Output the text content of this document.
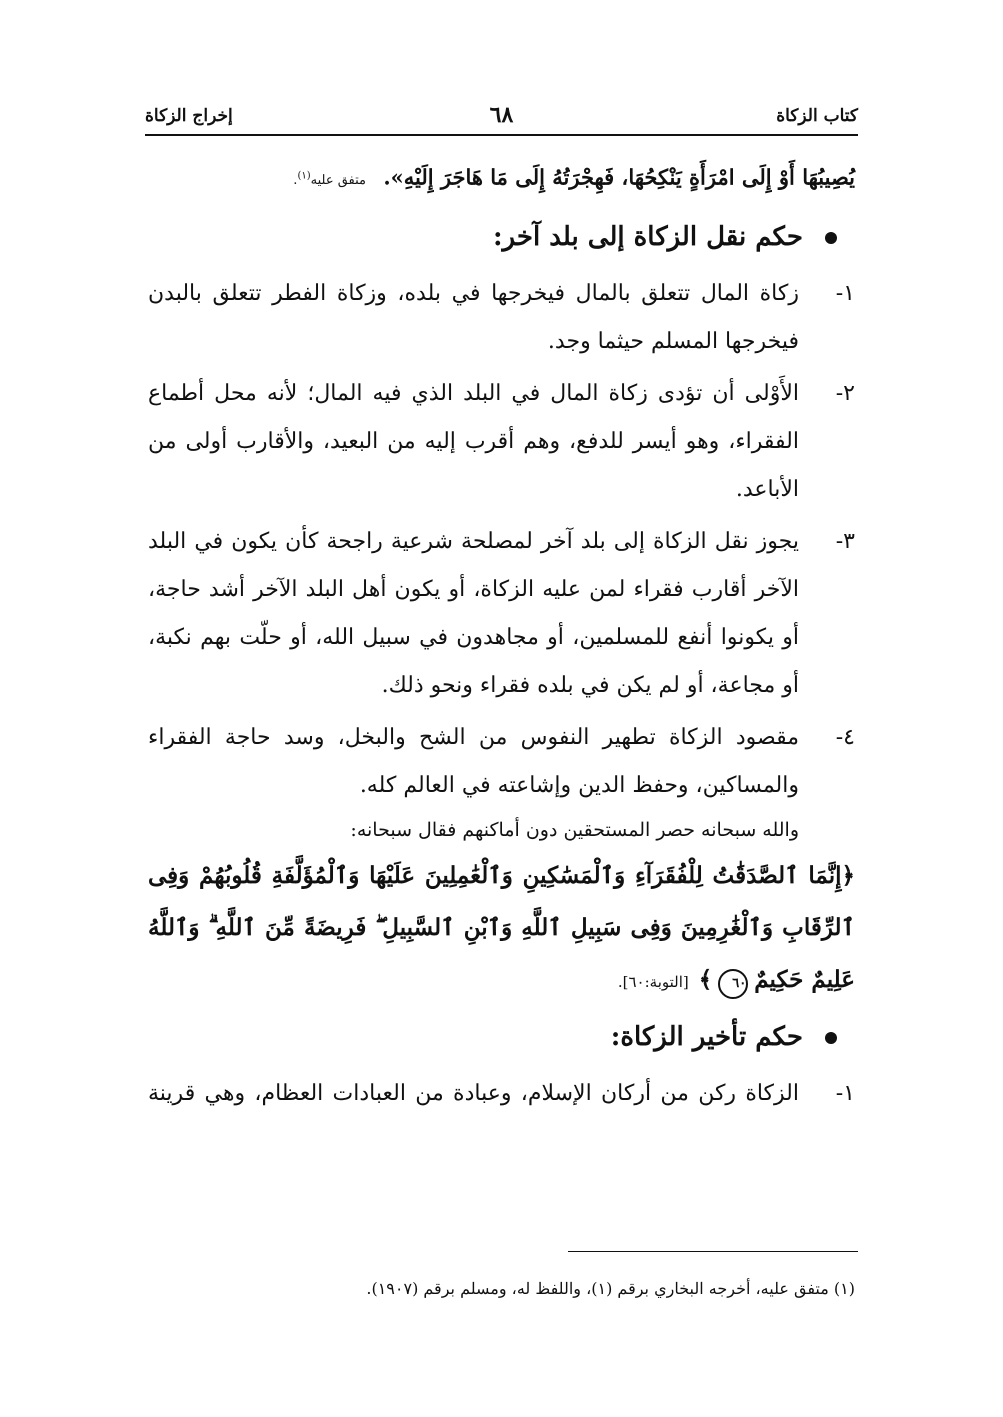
كتاب الزكاة
٦٨
إخراج الزكاة
يُصِيبُهَا أَوْ إِلَى امْرَأَةٍ يَنْكِحُهَا، فَهِجْرَتُهُ إِلَى مَا هَاجَرَ إِلَيْهِ». متفق عليه$^{(١)}$.
حكم نقل الزكاة إلى بلد آخر:
١-
زكاة المال تتعلق بالمال فيخرجها في بلده، وزكاة الفطر تتعلق بالبدن فيخرجها المسلم حيثما وجد.
٢-
الأَوْلى أن تؤدى زكاة المال في البلد الذي فيه المال؛ لأنه محل أطماع الفقراء، وهو أيسر للدفع، وهم أقرب إليه من البعيد، والأقارب أولى من الأباعد.
٣-
يجوز نقل الزكاة إلى بلد آخر لمصلحة شرعية راجحة كأن يكون في البلد الآخر أقارب فقراء لمن عليه الزكاة، أو يكون أهل البلد الآخر أشد حاجة، أو يكونوا أنفع للمسلمين، أو مجاهدون في سبيل الله، أو حلّت بهم نكبة، أو مجاعة، أو لم يكن في بلده فقراء ونحو ذلك.
٤-
مقصود الزكاة تطهير النفوس من الشح والبخل، وسد حاجة الفقراء والمساكين، وحفظ الدين وإشاعته في العالم كله.
والله سبحانه حصر المستحقين دون أماكنهم فقال سبحانه:
﴿إِنَّمَا ٱلصَّدَقَٰتُ لِلْفُقَرَآءِ وَٱلْمَسَٰكِينِ وَٱلْعَٰمِلِينَ عَلَيْهَا وَٱلْمُؤَلَّفَةِ قُلُوبُهُمْ وَفِى ٱلرِّقَابِ وَٱلْغَٰرِمِينَ وَفِى سَبِيلِ ٱللَّهِ وَٱبْنِ ٱلسَّبِيلِ ۖ فَرِيضَةً مِّنَ ٱللَّهِ ۗ وَٱللَّهُ عَلِيمٌ حَكِيمٌ٦٠﴾[التوبة:٦٠].
حكم تأخير الزكاة:
١-
الزكاة ركن من أركان الإسلام، وعبادة من العبادات العظام، وهي قرينة
(١) متفق عليه، أخرجه البخاري برقم (١)، واللفظ له، ومسلم برقم (١٩٠٧).
